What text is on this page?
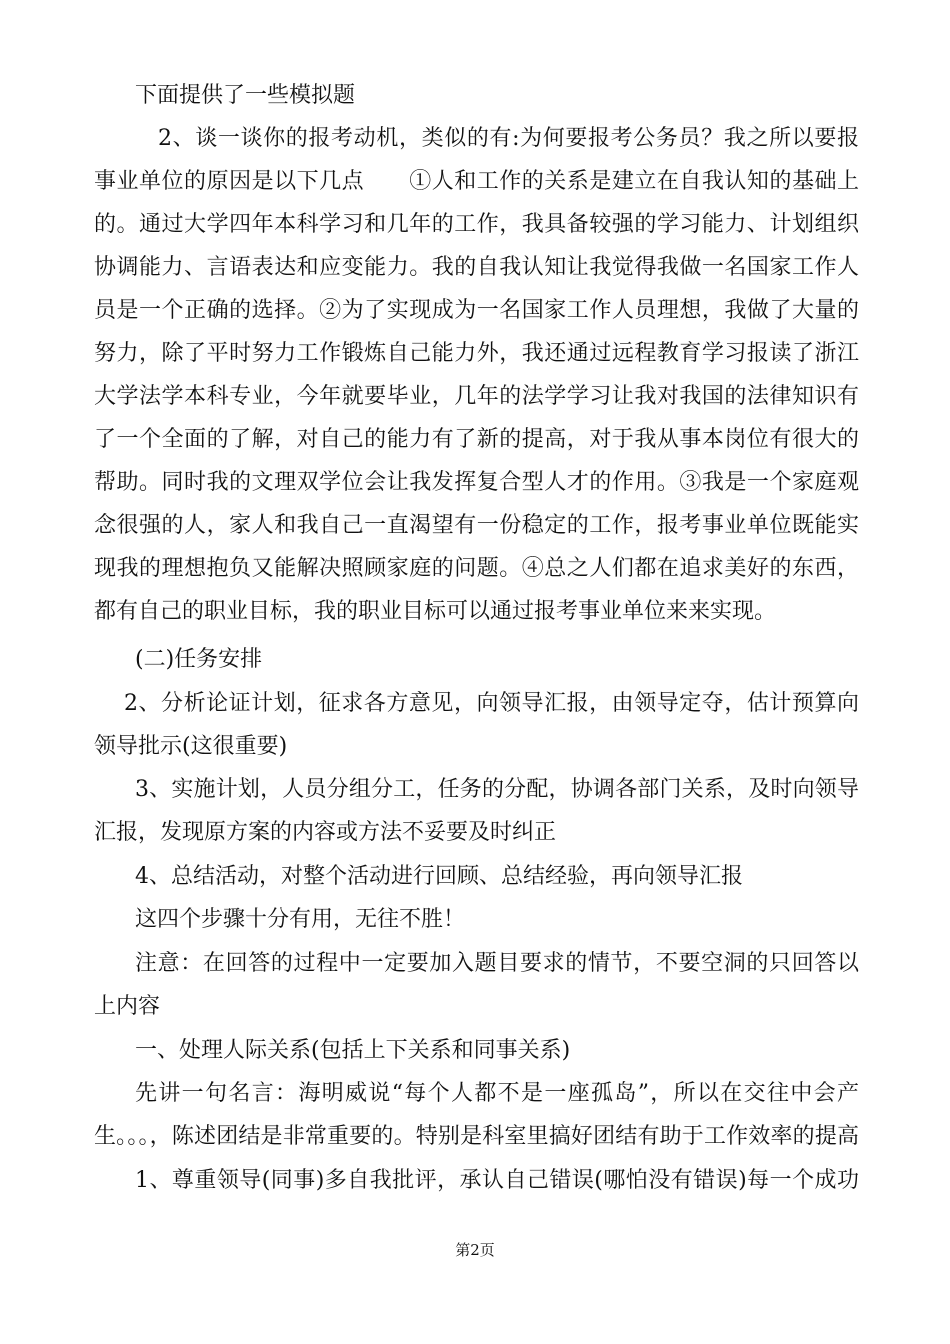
下面提供了一些模拟题
2、谈一谈你的报考动机，类似的有:为何要报考公务员？我之所以要报
事业单位的原因是以下几点　　①人和工作的关系是建立在自我认知的基础上
的。通过大学四年本科学习和几年的工作，我具备较强的学习能力、计划组织
协调能力、言语表达和应变能力。我的自我认知让我觉得我做一名国家工作人
员是一个正确的选择。②为了实现成为一名国家工作人员理想，我做了大量的
努力，除了平时努力工作锻炼自己能力外，我还通过远程教育学习报读了浙江
大学法学本科专业，今年就要毕业，几年的法学学习让我对我国的法律知识有
了一个全面的了解，对自己的能力有了新的提高，对于我从事本岗位有很大的
帮助。同时我的文理双学位会让我发挥复合型人才的作用。③我是一个家庭观
念很强的人，家人和我自己一直渴望有一份稳定的工作，报考事业单位既能实
现我的理想抱负又能解决照顾家庭的问题。④总之人们都在追求美好的东西，
都有自己的职业目标，我的职业目标可以通过报考事业单位来来实现。
(二)任务安排
2、分析论证计划，征求各方意见，向领导汇报，由领导定夺，估计预算向
领导批示(这很重要)
3、实施计划，人员分组分工，任务的分配，协调各部门关系，及时向领导
汇报，发现原方案的内容或方法不妥要及时纠正
4、总结活动，对整个活动进行回顾、总结经验，再向领导汇报
这四个步骤十分有用，无往不胜！
注意：在回答的过程中一定要加入题目要求的情节，不要空洞的只回答以
上内容
一、处理人际关系(包括上下关系和同事关系)
先讲一句名言：海明威说“每个人都不是一座孤岛”，所以在交往中会产
生。。。，陈述团结是非常重要的。特别是科室里搞好团结有助于工作效率的提高
1、尊重领导(同事)多自我批评，承认自己错误(哪怕没有错误)每一个成功
第2页
